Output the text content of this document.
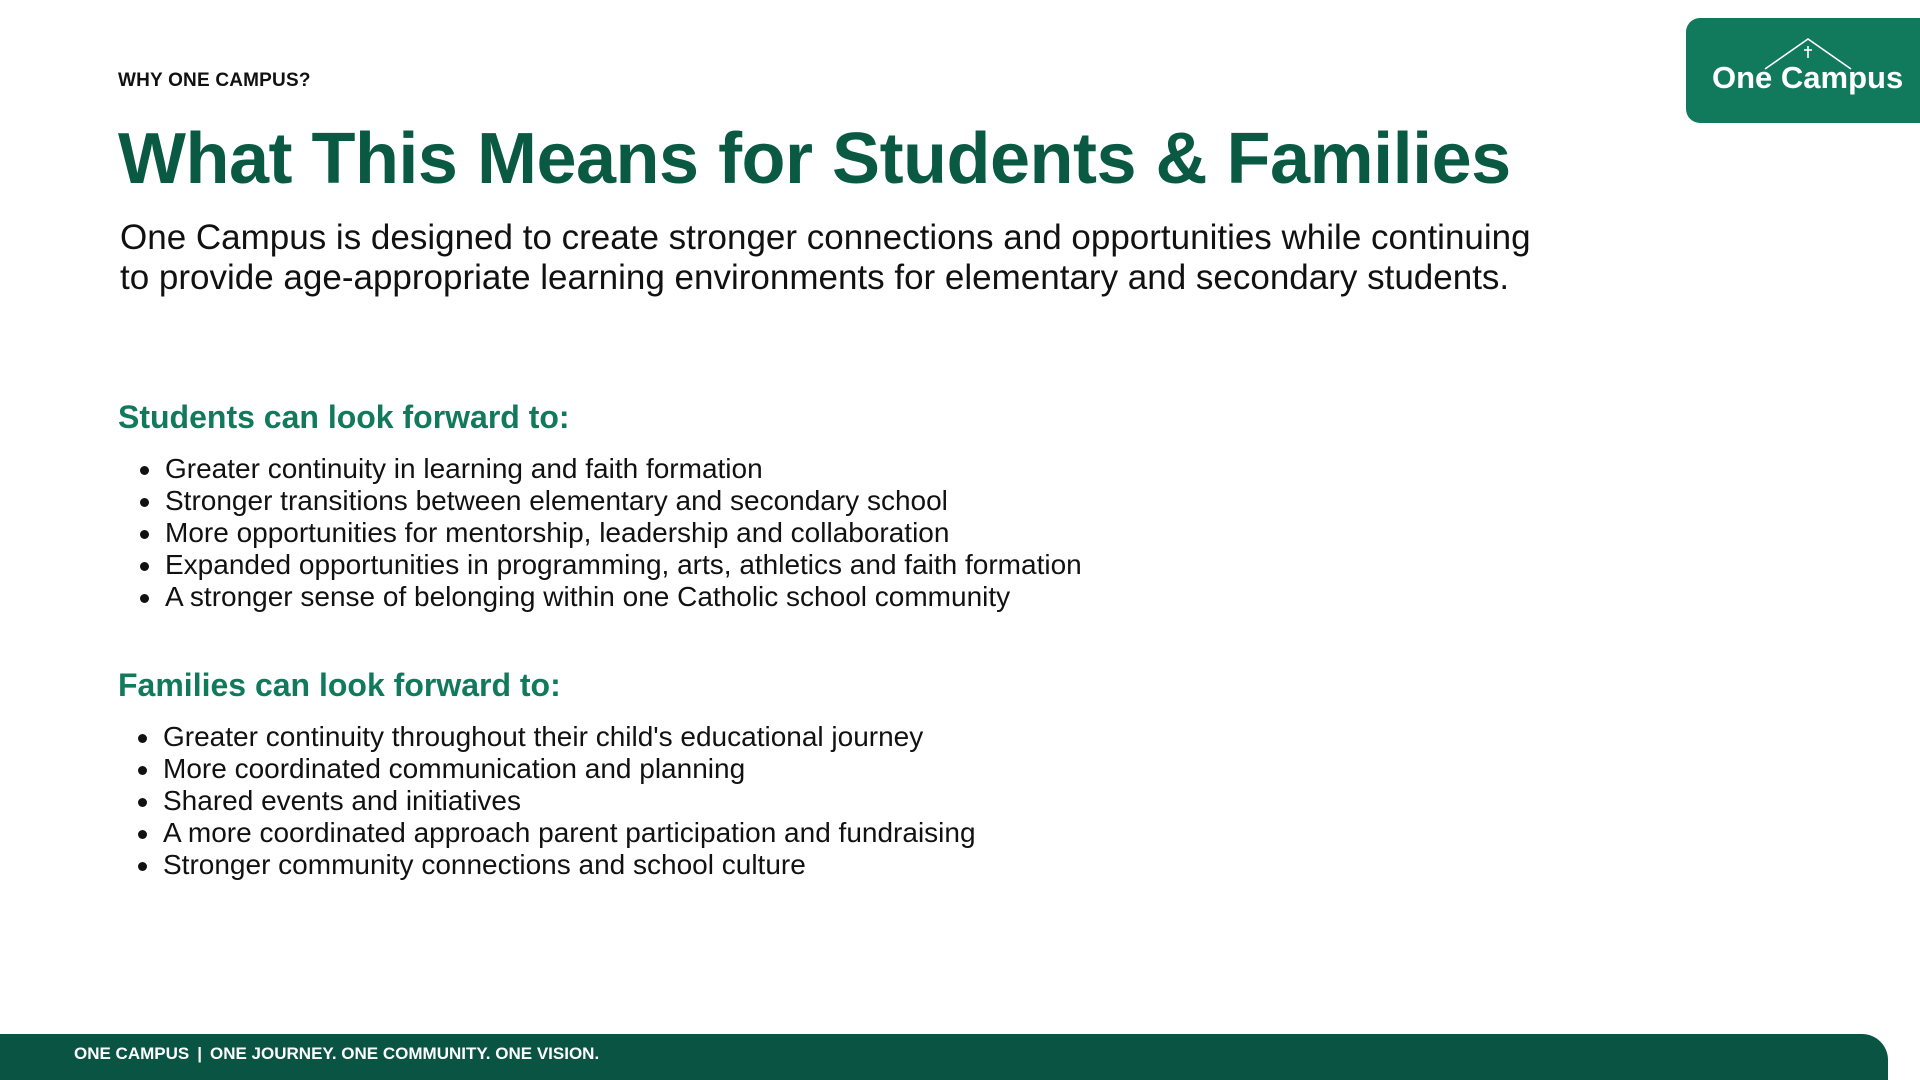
WHY ONE CAMPUS?
What This Means for Students & Families

One Campus is designed to create stronger connections and opportunities while continuing to provide age-appropriate learning environments for elementary and secondary students.

Students can look forward to:
Greater continuity in learning and faith formation
Stronger transitions between elementary and secondary school
More opportunities for mentorship, leadership and collaboration
Expanded opportunities in programming, arts, athletics and faith formation
A stronger sense of belonging within one Catholic school community
Families can look forward to:
Greater continuity throughout their child's educational journey
More coordinated communication and planning
Shared events and initiatives
A more coordinated approach parent participation and fundraising
Stronger community connections and school culture
One Campus
ONE CAMPUS | ONE JOURNEY. ONE COMMUNITY. ONE VISION.
